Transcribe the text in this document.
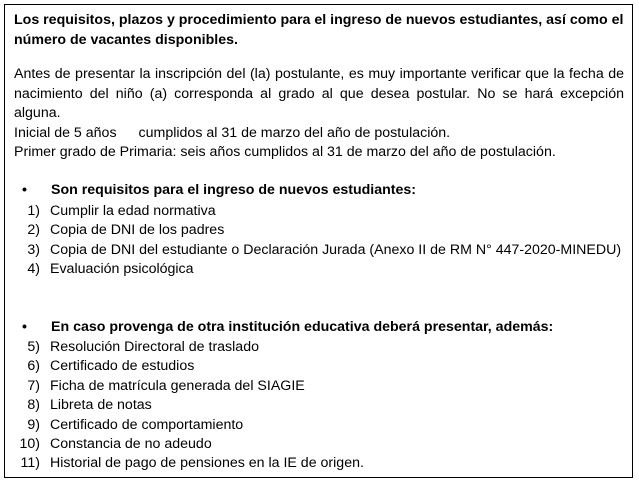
Los requisitos, plazos y procedimiento para el ingreso de nuevos estudiantes, así como el número de vacantes disponibles.
Antes de presentar la inscripción del (la) postulante, es muy importante verificar que la fecha de nacimiento del niño (a) corresponda al grado al que desea postular. No se hará excepción alguna.
Inicial de 5 años cumplidos al 31 de marzo del año de postulación.
Primer grado de Primaria: seis años cumplidos al 31 de marzo del año de postulación.
• Son requisitos para el ingreso de nuevos estudiantes:
1) Cumplir la edad normativa
2) Copia de DNI de los padres
3) Copia de DNI del estudiante o Declaración Jurada (Anexo II de RM N° 447-2020-MINEDU)
4) Evaluación psicológica
• En caso provenga de otra institución educativa deberá presentar, además:
5) Resolución Directoral de traslado
6) Certificado de estudios
7) Ficha de matrícula generada del SIAGIE
8) Libreta de notas
9) Certificado de comportamiento
10) Constancia de no adeudo
11) Historial de pago de pensiones en la IE de origen.
